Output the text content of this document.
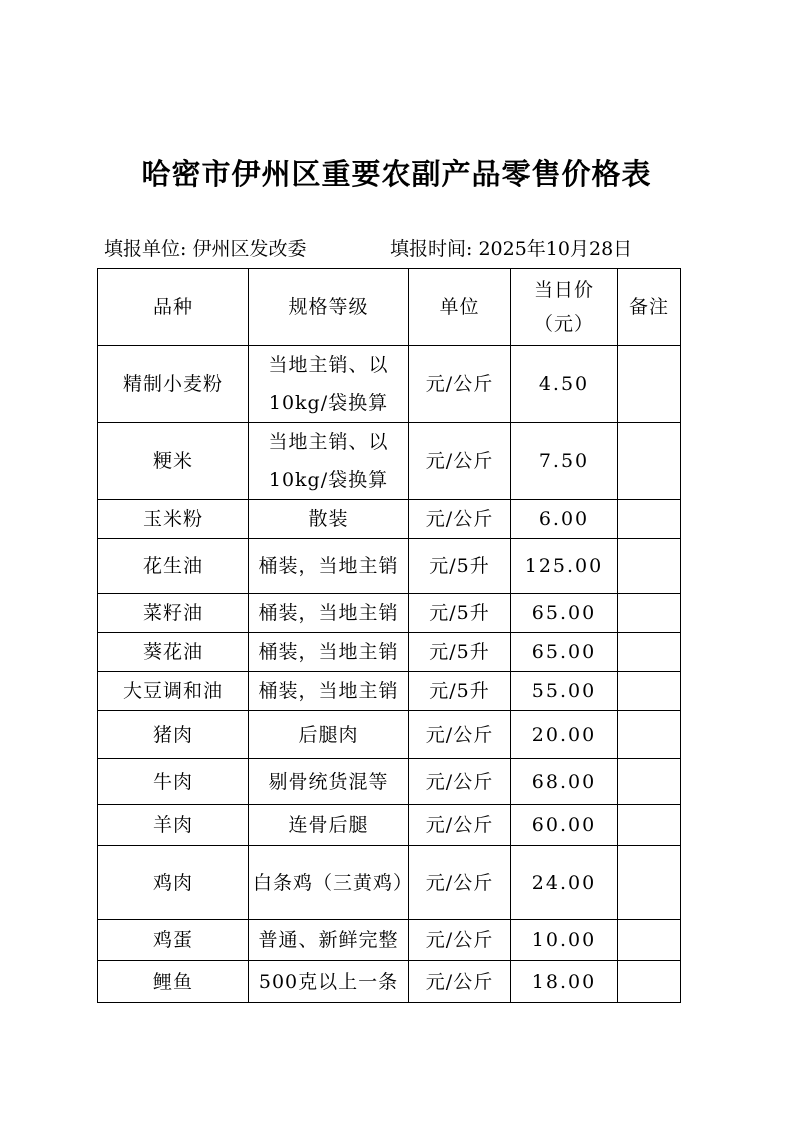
哈密市伊州区重要农副产品零售价格表
填报单位: 伊州区发改委	填报时间: 2025年10月28日
品种	规格等级	单位	当日价（元）	备注
精制小麦粉	当地主销、以10kg/袋换算	元/公斤	4.50	
粳米	当地主销、以10kg/袋换算	元/公斤	7.50	
玉米粉	散装	元/公斤	6.00	
花生油	桶装，当地主销	元/5升	125.00	
菜籽油	桶装，当地主销	元/5升	65.00	
葵花油	桶装，当地主销	元/5升	65.00	
大豆调和油	桶装，当地主销	元/5升	55.00	
猪肉	后腿肉	元/公斤	20.00	
牛肉	剔骨统货混等	元/公斤	68.00	
羊肉	连骨后腿	元/公斤	60.00	
鸡肉	白条鸡（三黄鸡）	元/公斤	24.00	
鸡蛋	普通、新鲜完整	元/公斤	10.00	
鲤鱼	500克以上一条	元/公斤	18.00	
